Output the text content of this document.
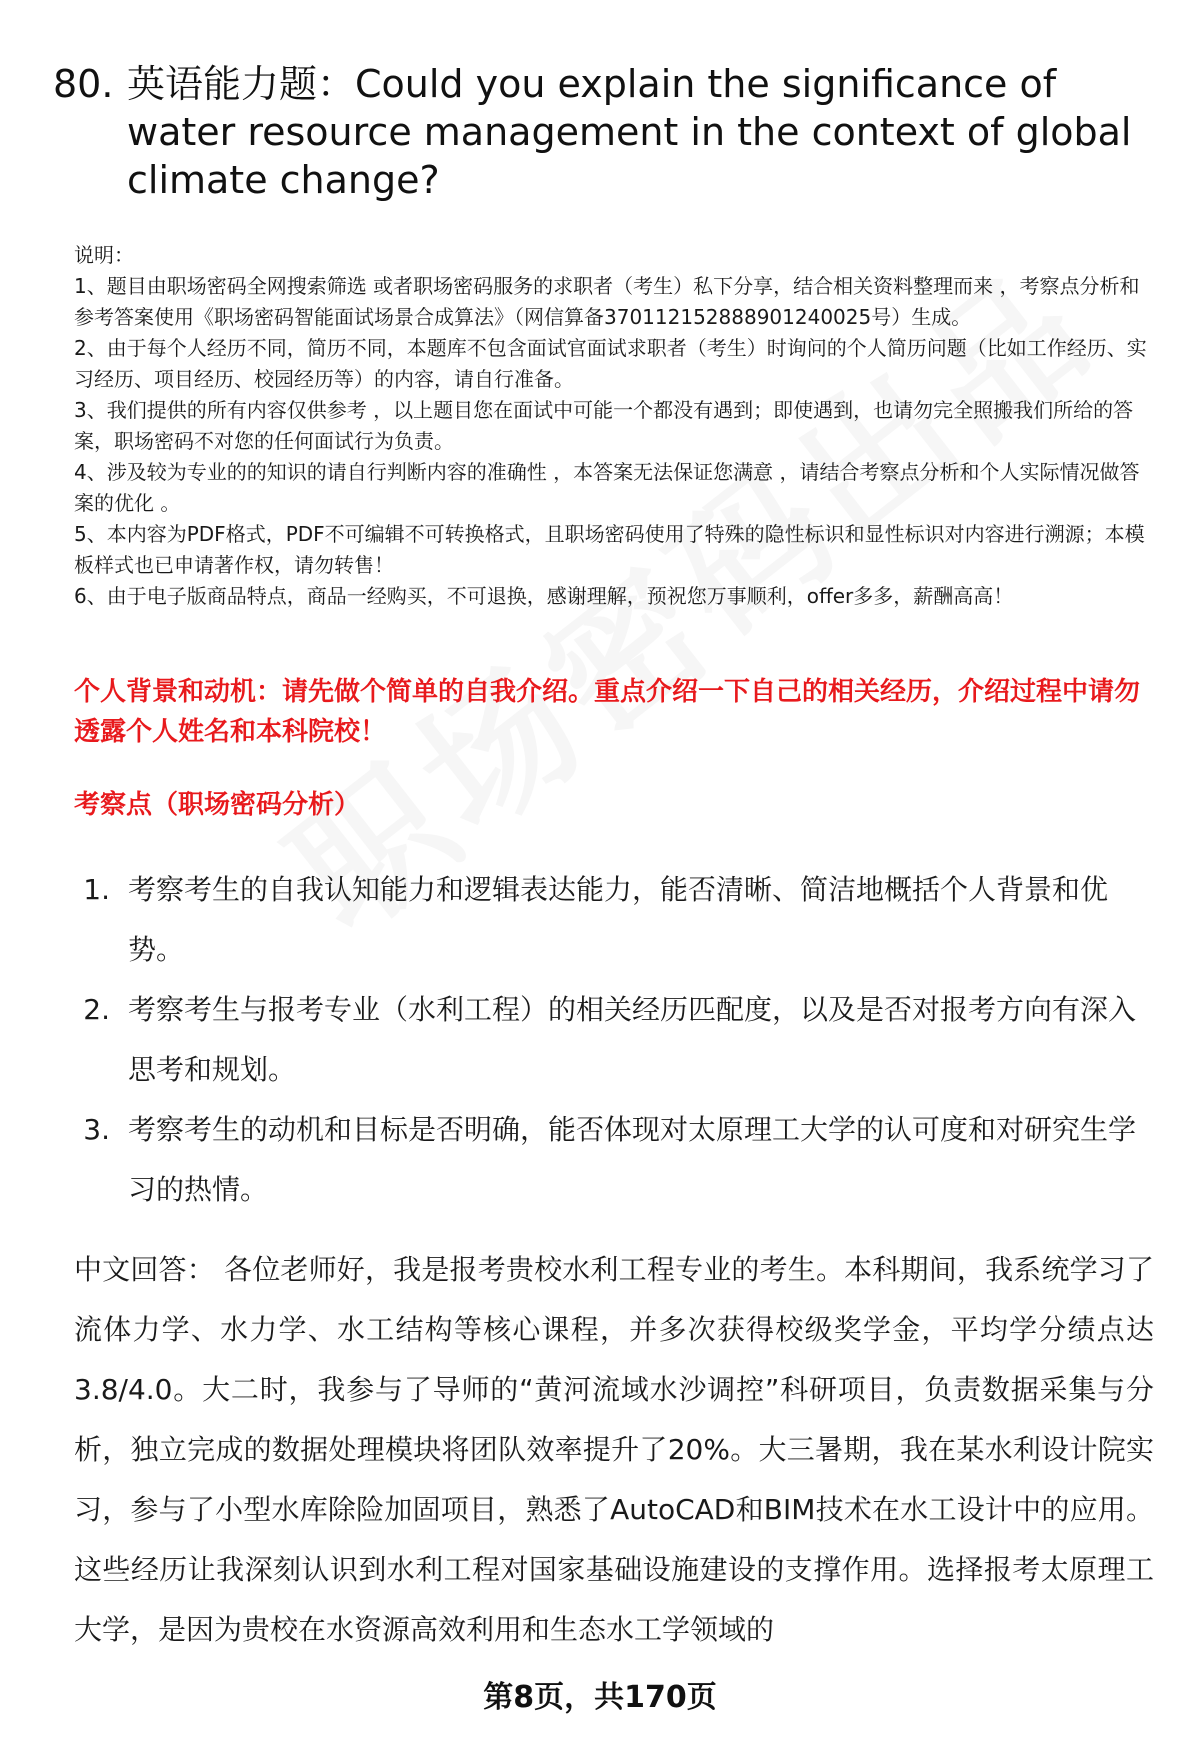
80. 英语能力题：Could you explain the significance of water resource management in the context of global climate change?

说明：

1、题目由职场密码全网搜索筛选 或者职场密码服务的求职者（考生）私下分享，结合相关资料整理而来 ，考察点分析和参考答案使用《职场密码智能面试场景合成算法》（网信算备370112152888901240025号）生成。

2、由于每个人经历不同，简历不同，本题库不包含面试官面试求职者（考生）时询问的个人简历问题（比如工作经历、实习经历、项目经历、校园经历等）的内容，请自行准备。

3、我们提供的所有内容仅供参考 ，以上题目您在面试中可能一个都没有遇到；即使遇到，也请勿完全照搬我们所给的答案，职场密码不对您的任何面试行为负责。

4、涉及较为专业的的知识的请自行判断内容的准确性 ，本答案无法保证您满意 ，请结合考察点分析和个人实际情况做答案的优化 。

5、本内容为PDF格式，PDF不可编辑不可转换格式，且职场密码使用了特殊的隐性标识和显性标识对内容进行溯源；本模板样式也已申请著作权，请勿转售！

6、由于电子版商品特点，商品一经购买，不可退换，感谢理解，预祝您万事顺利，offer多多，薪酬高高！

个人背景和动机：请先做个简单的自我介绍。重点介绍一下自己的相关经历，介绍过程中请勿透露个人姓名和本科院校！
考察点（职场密码分析）
1. 考察考生的自我认知能力和逻辑表达能力，能否清晰、简洁地概括个人背景和优势。
2. 考察考生与报考专业（水利工程）的相关经历匹配度，以及是否对报考方向有深入思考和规划。
3. 考察考生的动机和目标是否明确，能否体现对太原理工大学的认可度和对研究生学习的热情。
中文回答： 各位老师好，我是报考贵校水利工程专业的考生。本科期间，我系统学习了流体力学、水力学、水工结构等核心课程，并多次获得校级奖学金，平均学分绩点达3.8/4.0。大二时，我参与了导师的“黄河流域水沙调控”科研项目，负责数据采集与分析，独立完成的数据处理模块将团队效率提升了20%。大三暑期，我在某水利设计院实习，参与了小型水库除险加固项目，熟悉了AutoCAD和BIM技术在水工设计中的应用。这些经历让我深刻认识到水利工程对国家基础设施建设的支撑作用。选择报考太原理工大学，是因为贵校在水资源高效利用和生态水工学领域的
第8页，共170页
